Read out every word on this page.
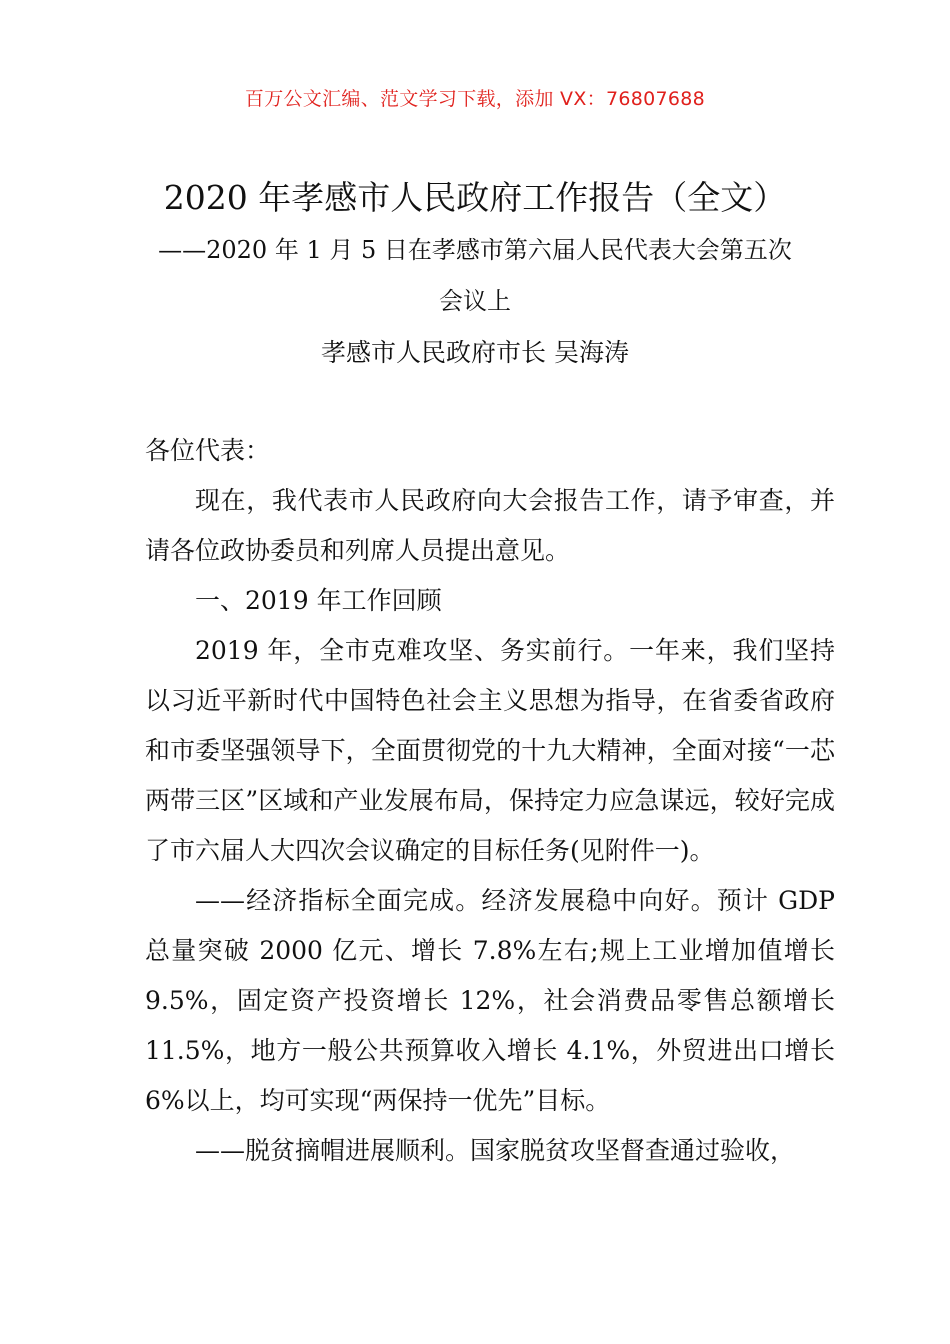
百万公文汇编、范文学习下载，添加 VX：76807688
2020 年孝感市人民政府工作报告（全文）
——2020 年 1 月 5 日在孝感市第六届人民代表大会第五次
会议上
孝感市人民政府市长 吴海涛

各位代表：

现在，我代表市人民政府向大会报告工作，请予审查，并请各位政协委员和列席人员提出意见。

一、2019 年工作回顾

2019 年，全市克难攻坚、务实前行。一年来，我们坚持以习近平新时代中国特色社会主义思想为指导，在省委省政府和市委坚强领导下，全面贯彻党的十九大精神，全面对接“一芯两带三区”区域和产业发展布局，保持定力应急谋远，较好完成了市六届人大四次会议确定的目标任务(见附件一)。

——经济指标全面完成。经济发展稳中向好。预计 GDP 总量突破 2000 亿元、增长 7.8%左右;规上工业增加值增长 9.5%，固定资产投资增长 12%，社会消费品零售总额增长 11.5%，地方一般公共预算收入增长 4.1%，外贸进出口增长 6%以上，均可实现“两保持一优先”目标。

——脱贫摘帽进展顺利。国家脱贫攻坚督查通过验收，
